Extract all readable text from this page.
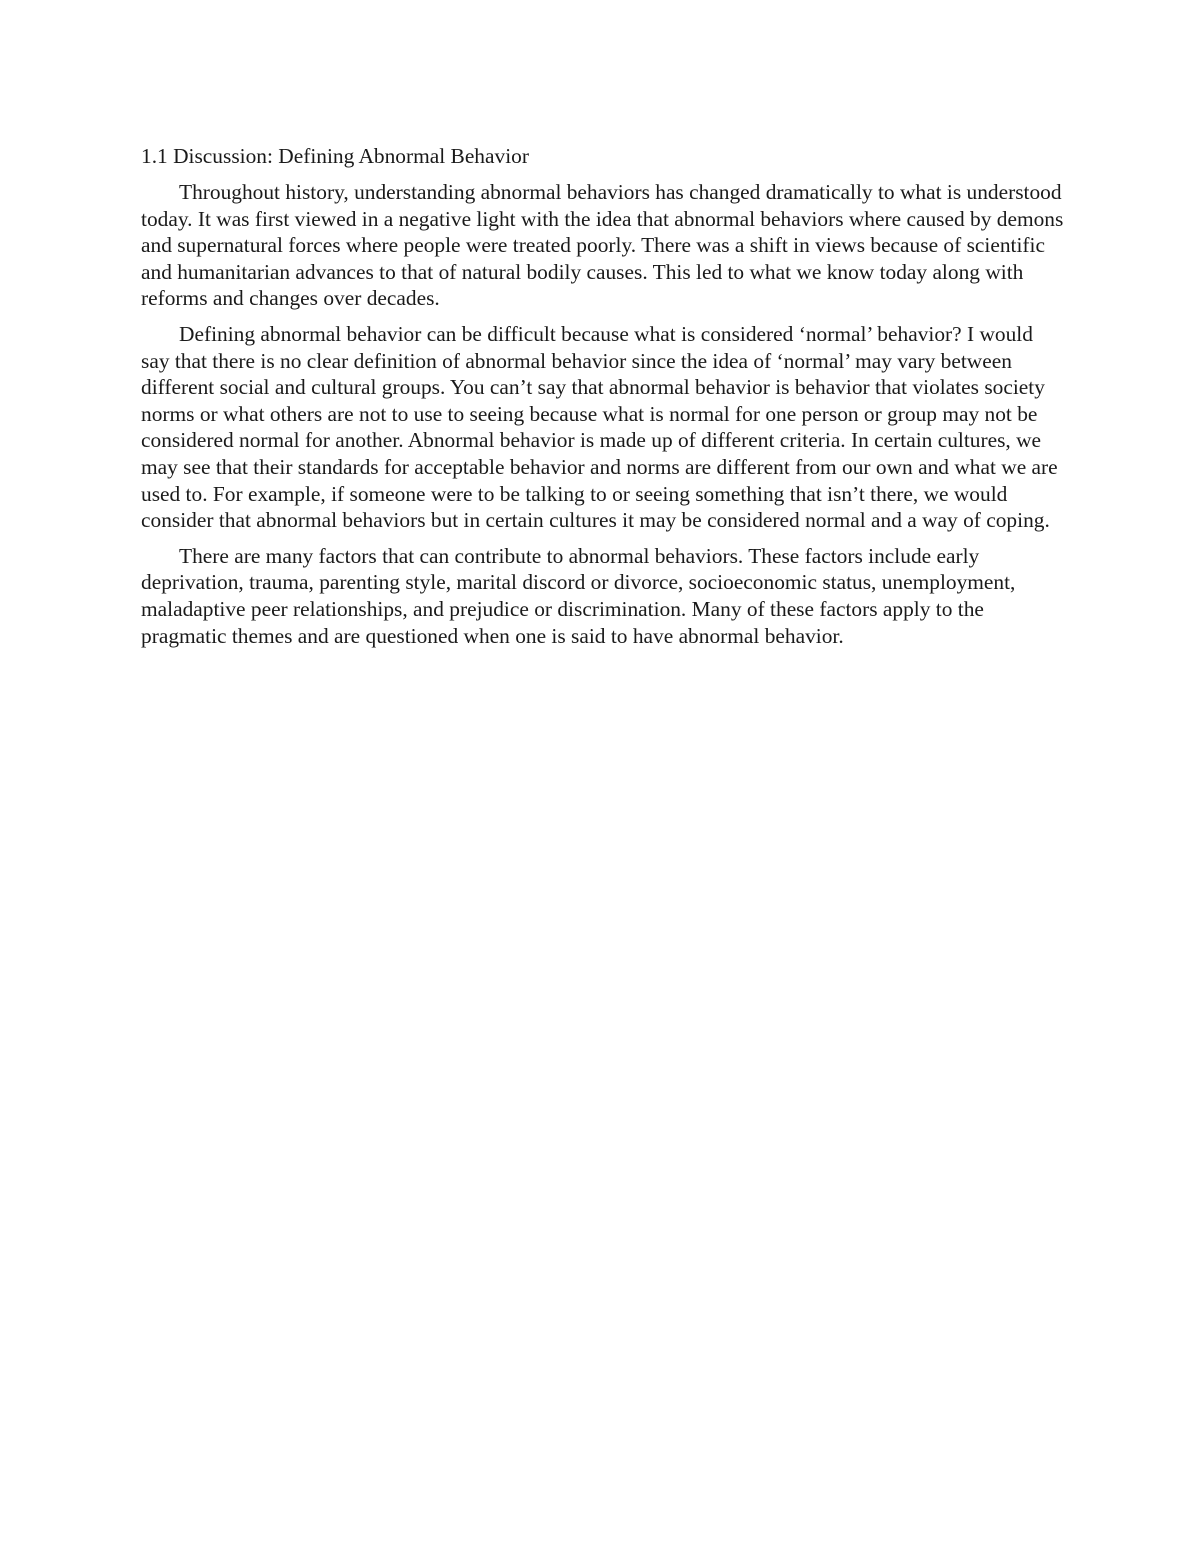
1.1 Discussion: Defining Abnormal Behavior

Throughout history, understanding abnormal behaviors has changed dramatically to what is understood today. It was first viewed in a negative light with the idea that abnormal behaviors where caused by demons and supernatural forces where people were treated poorly. There was a shift in views because of scientific and humanitarian advances to that of natural bodily causes. This led to what we know today along with reforms and changes over decades.

Defining abnormal behavior can be difficult because what is considered ‘normal’ behavior? I would say that there is no clear definition of abnormal behavior since the idea of ‘normal’ may vary between different social and cultural groups. You can’t say that abnormal behavior is behavior that violates society norms or what others are not to use to seeing because what is normal for one person or group may not be considered normal for another. Abnormal behavior is made up of different criteria. In certain cultures, we may see that their standards for acceptable behavior and norms are different from our own and what we are used to. For example, if someone were to be talking to or seeing something that isn’t there, we would consider that abnormal behaviors but in certain cultures it may be considered normal and a way of coping.

There are many factors that can contribute to abnormal behaviors. These factors include early deprivation, trauma, parenting style, marital discord or divorce, socioeconomic status, unemployment, maladaptive peer relationships, and prejudice or discrimination. Many of these factors apply to the pragmatic themes and are questioned when one is said to have abnormal behavior.
